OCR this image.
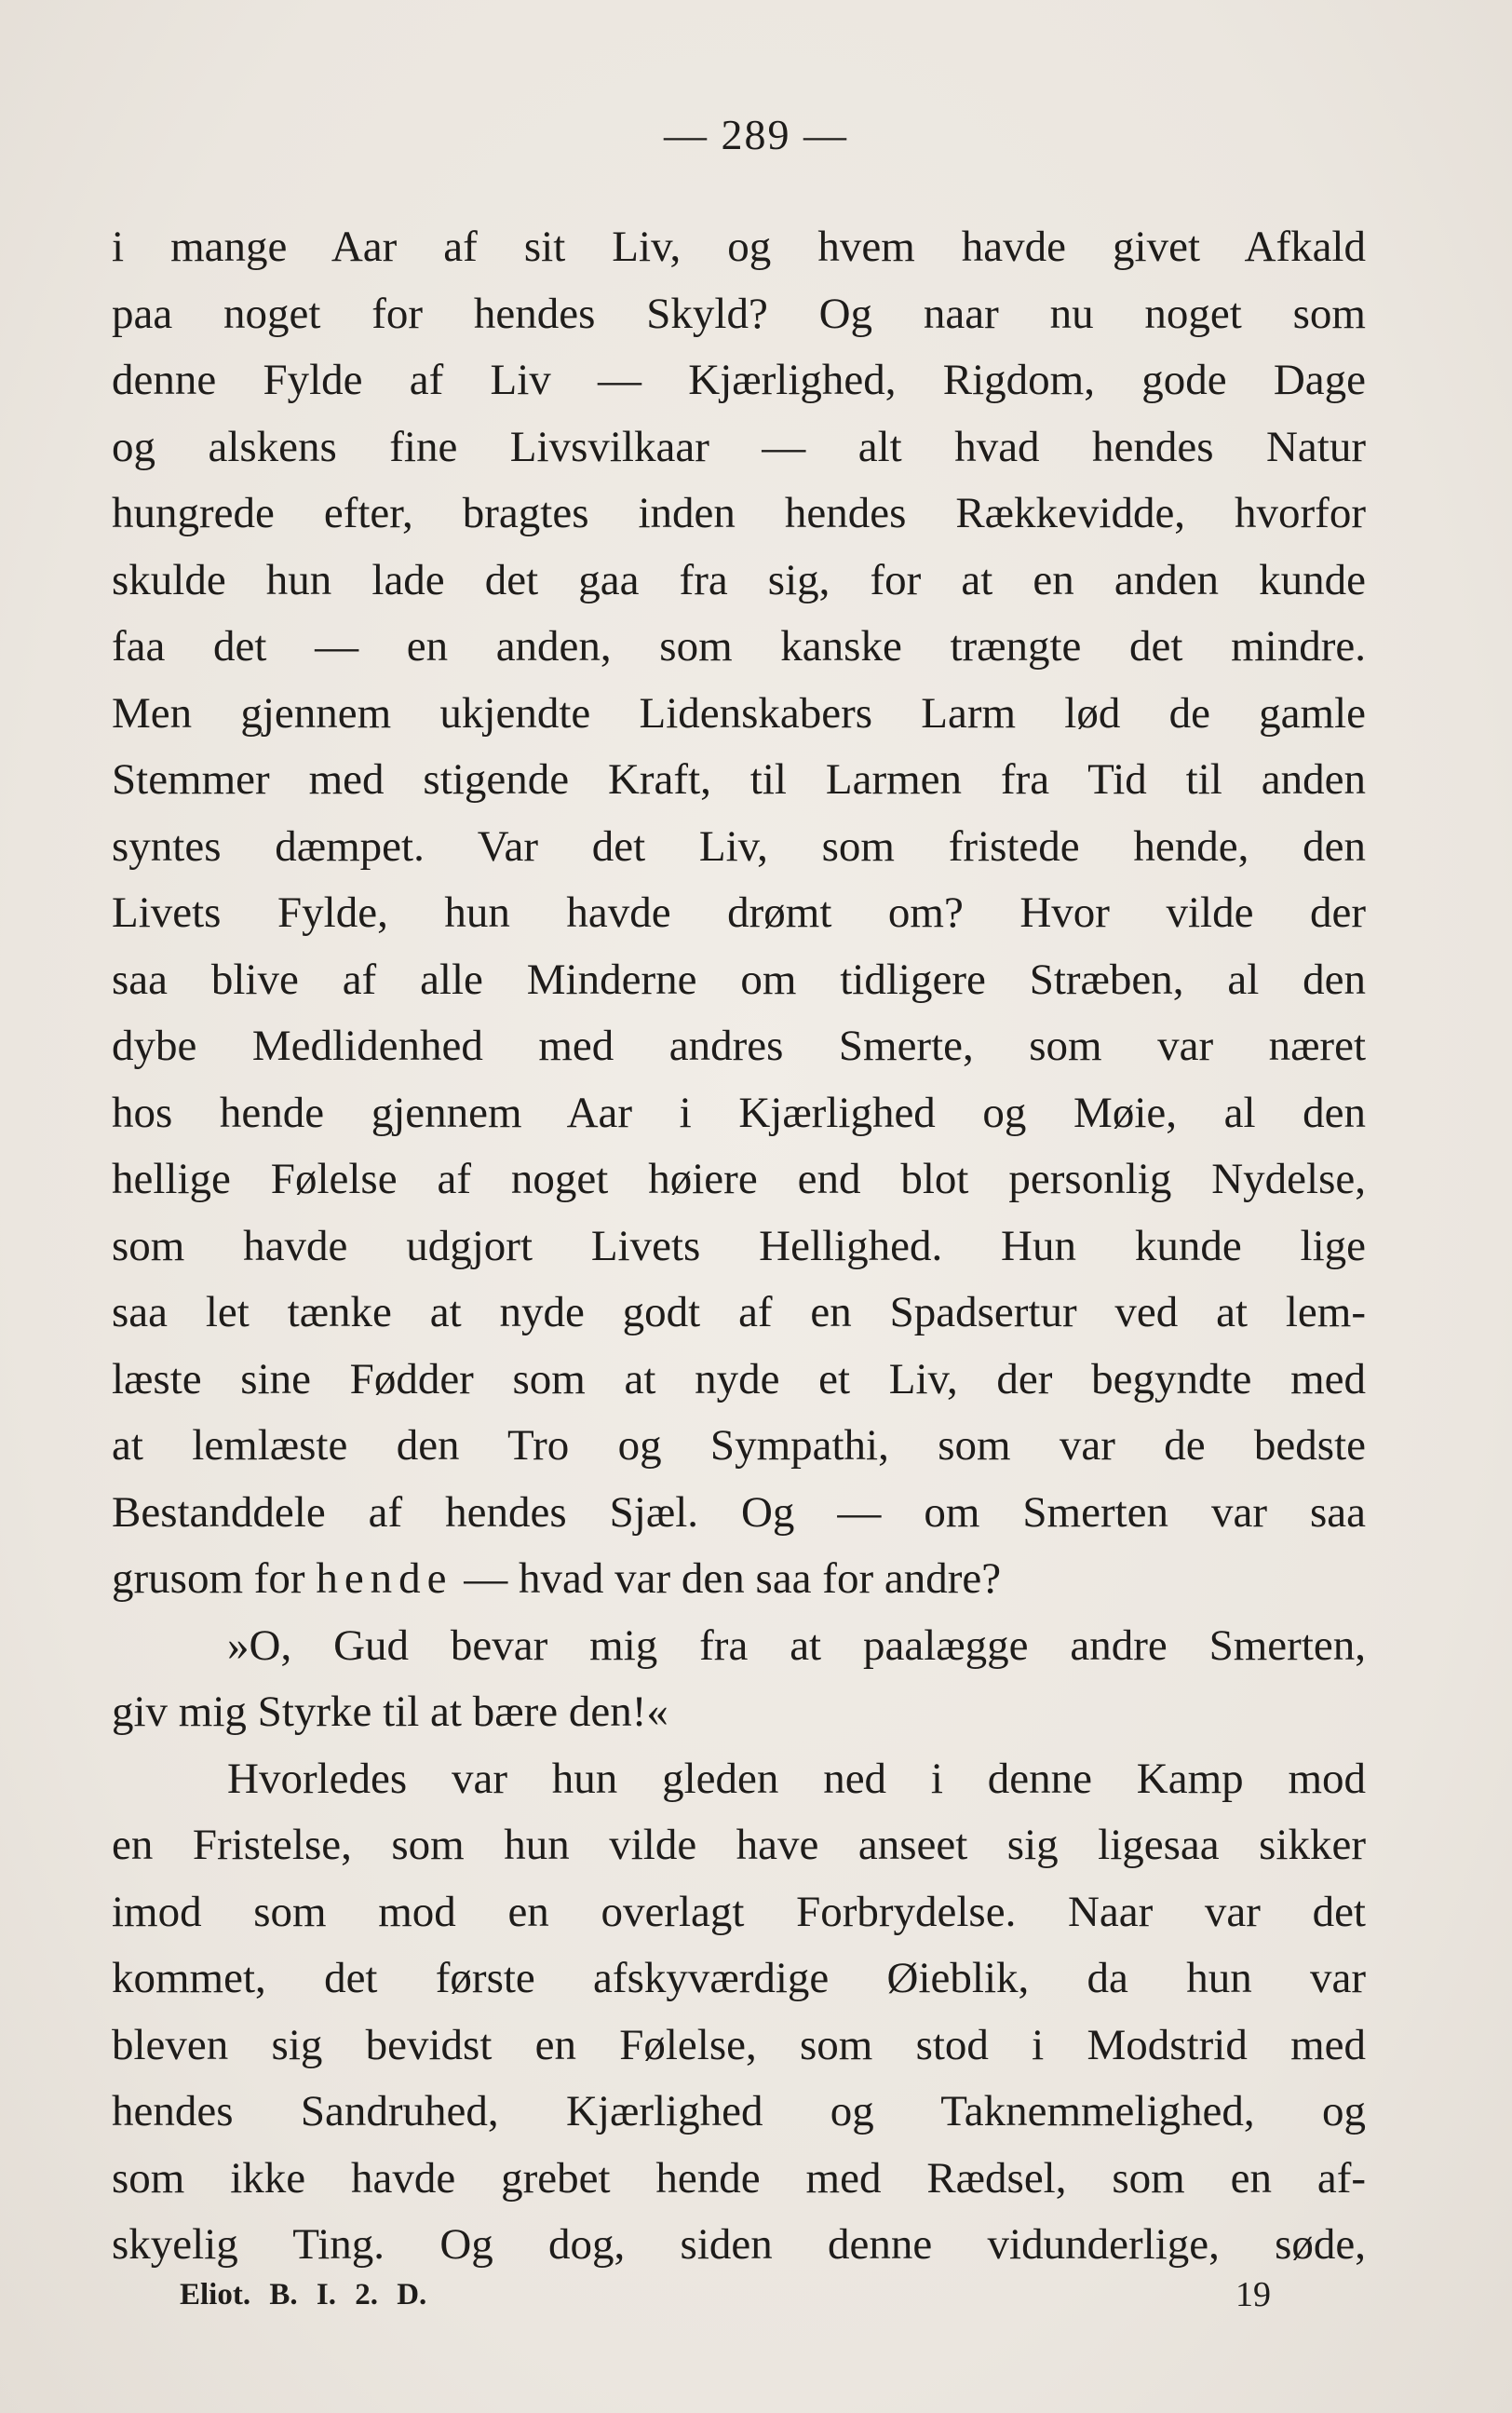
— 289 —
i mange Aar af sit Liv, og hvem havde givet Afkald
paa noget for hendes Skyld? Og naar nu noget som
denne Fylde af Liv — Kjærlighed, Rigdom, gode Dage
og alskens fine Livsvilkaar — alt hvad hendes Natur
hungrede efter, bragtes inden hendes Rækkevidde, hvorfor
skulde hun lade det gaa fra sig, for at en anden kunde
faa det — en anden, som kanske trængte det mindre.
Men gjennem ukjendte Lidenskabers Larm lød de gamle
Stemmer med stigende Kraft, til Larmen fra Tid til anden
syntes dæmpet. Var det Liv, som fristede hende, den
Livets Fylde, hun havde drømt om? Hvor vilde der
saa blive af alle Minderne om tidligere Stræben, al den
dybe Medlidenhed med andres Smerte, som var næret
hos hende gjennem Aar i Kjærlighed og Møie, al den
hellige Følelse af noget høiere end blot personlig Nydelse,
som havde udgjort Livets Hellighed. Hun kunde lige
saa let tænke at nyde godt af en Spadsertur ved at lem-
læste sine Fødder som at nyde et Liv, der begyndte med
at lemlæste den Tro og Sympathi, som var de bedste
Bestanddele af hendes Sjæl. Og — om Smerten var saa
grusom for hende — hvad var den saa for andre?
»O, Gud bevar mig fra at paalægge andre Smerten,
giv mig Styrke til at bære den!«
Hvorledes var hun gleden ned i denne Kamp mod
en Fristelse, som hun vilde have anseet sig ligesaa sikker
imod som mod en overlagt Forbrydelse. Naar var det
kommet, det første afskyværdige Øieblik, da hun var
bleven sig bevidst en Følelse, som stod i Modstrid med
hendes Sandruhed, Kjærlighed og Taknemmelighed, og
som ikke havde grebet hende med Rædsel, som en af-
skyelig Ting. Og dog, siden denne vidunderlige, søde,
Eliot. B. I. 2. D.	19
